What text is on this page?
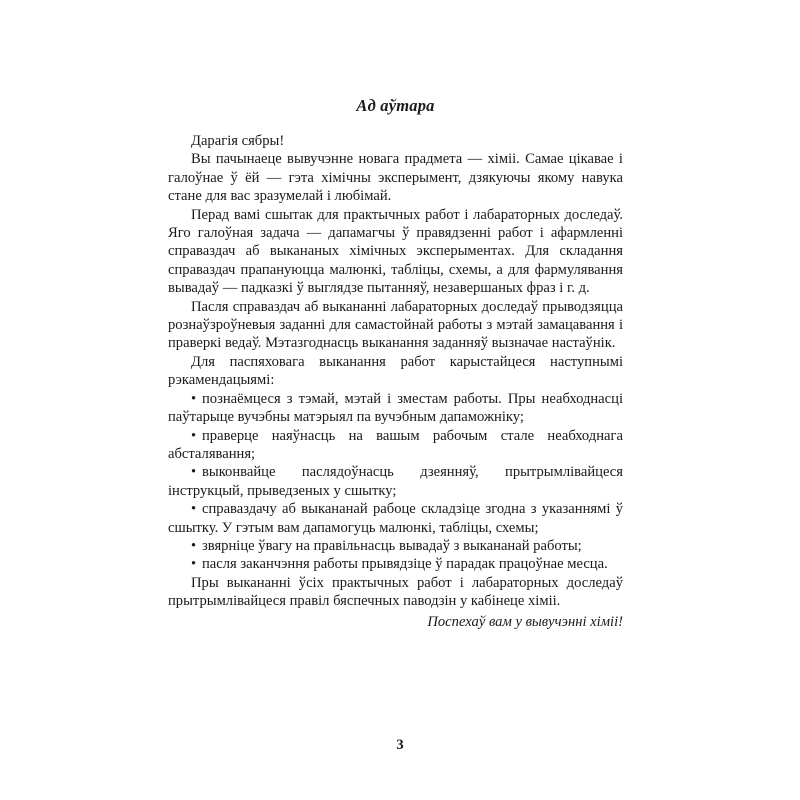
Ад аўтара

Дарагія сябры!

Вы пачынаеце вывучэнне новага прадмета — хіміі. Самае цікавае і галоўнае ў ёй — гэта хімічны эксперымент, дзякуючы якому навука стане для вас зразумелай і любімай.

Перад вамі сшытак для практычных работ і лабараторных доследаў. Яго галоўная задача — дапамагчы ў правядзенні работ і афармленні справаздач аб выкананых хімічных эксперыментах. Для складання справаздач прапануюцца малюнкі, табліцы, схемы, а для фармулявання вывадаў — падказкі ў выглядзе пытанняў, незавершаных фраз і г. д.

Пасля справаздач аб выкананні лабараторных доследаў прыводзяцца рознаўзроўневыя заданні для самастойнай работы з мэтай замацавання і праверкі ведаў. Мэтазгоднасць выканання заданняў вызначае настаўнік.

Для паспяховага выканання работ карыстайцеся наступнымі рэкамендацыямі:

• познаёмцеся з тэмай, мэтай і зместам работы. Пры неабходнасці паўтарыце вучэбны матэрыял па вучэбным дапаможніку;
• праверце наяўнасць на вашым рабочым стале неабходнага абсталявання;
• выконвайце паслядоўнасць дзеянняў, прытрымлівайцеся інструкцый, прыведзеных у сшытку;
• справаздачу аб выкананай рабоце складзіце згодна з указаннямі ў сшытку. У гэтым вам дапамогуць малюнкі, табліцы, схемы;
• звярніце ўвагу на правільнасць вывадаў з выкананай работы;
• пасля заканчэння работы прывядзіце ў парадак працоўнае месца.

Пры выкананні ўсіх практычных работ і лабараторных доследаў прытрымлівайцеся правіл бяспечных паводзін у кабінеце хіміі.

Поспехаў вам у вывучэнні хіміі!

3
